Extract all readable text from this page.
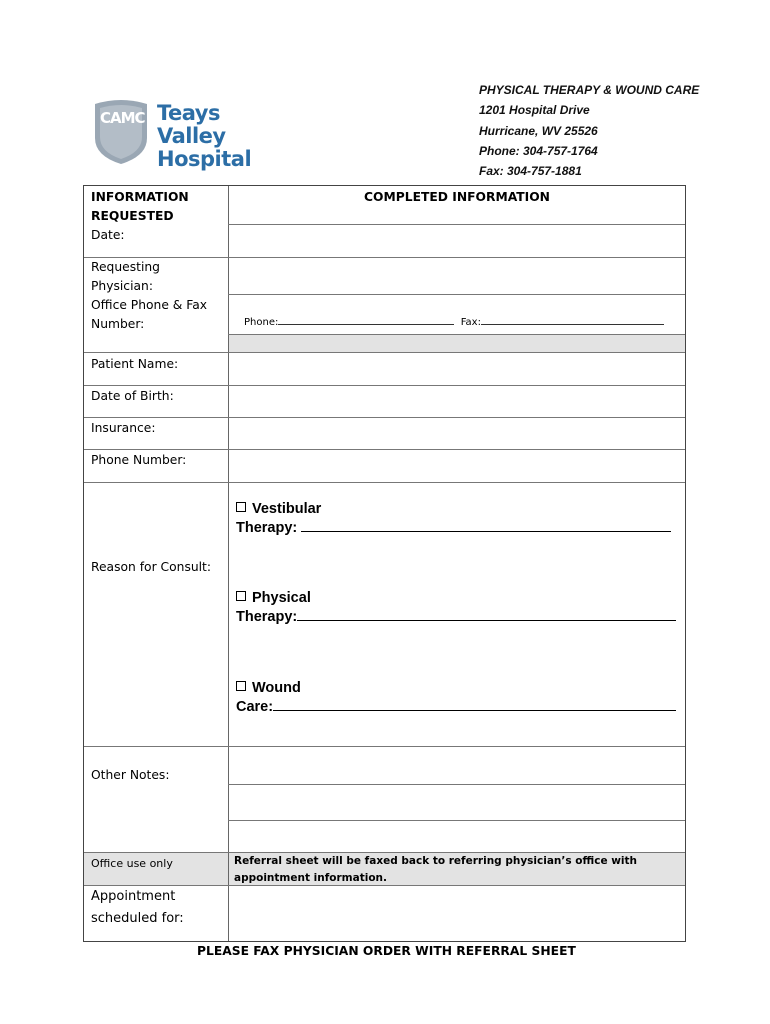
CAMC Teays Valley
Hospital
PHYSICAL THERAPY & WOUND CARE
1201 Hospital Drive
Hurricane, WV 25526
Phone: 304-757-1764
Fax: 304-757-1881
INFORMATION REQUESTED
COMPLETED INFORMATION
Date:
Requesting Physician:
Office Phone & Fax Number:	Phone:	Fax:
Patient Name:
Date of Birth:
Insurance:
Phone Number:
Reason for Consult:
Vestibular
Therapy:
Physical
Therapy:
Wound
Care:
Other Notes:
Office use only	Referral sheet will be faxed back to referring physician’s office with appointment information.
Appointment scheduled for:
PLEASE FAX PHYSICIAN ORDER WITH REFERRAL SHEET
